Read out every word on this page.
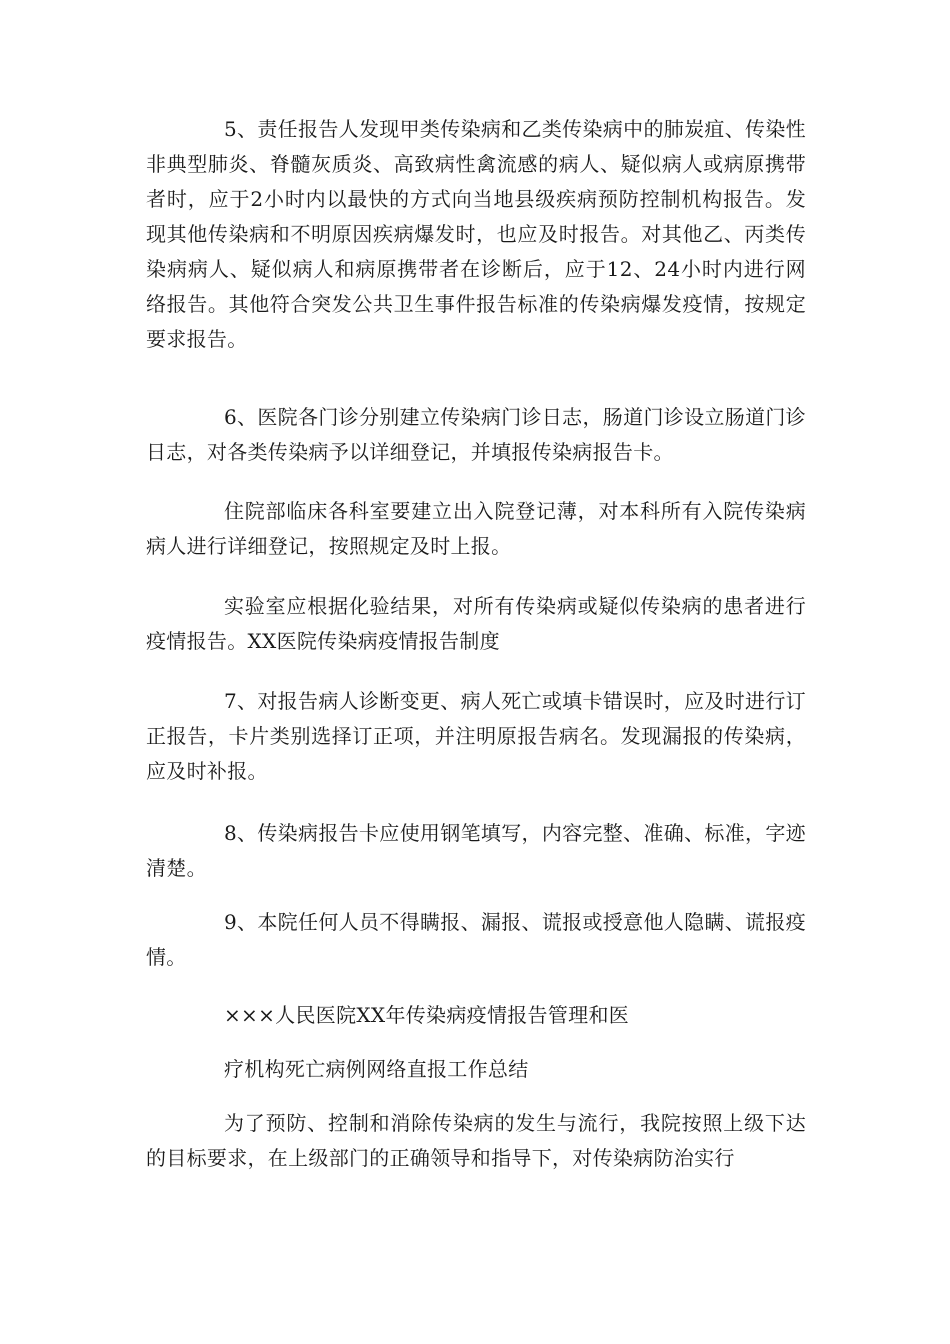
5、责任报告人发现甲类传染病和乙类传染病中的肺炭疽、传染性非典型肺炎、脊髓灰质炎、高致病性禽流感的病人、疑似病人或病原携带者时，应于2小时内以最快的方式向当地县级疾病预防控制机构报告。发现其他传染病和不明原因疾病爆发时，也应及时报告。对其他乙、丙类传染病病人、疑似病人和病原携带者在诊断后，应于12、24小时内进行网络报告。其他符合突发公共卫生事件报告标准的传染病爆发疫情，按规定要求报告。

6、医院各门诊分别建立传染病门诊日志，肠道门诊设立肠道门诊日志，对各类传染病予以详细登记，并填报传染病报告卡。

住院部临床各科室要建立出入院登记薄，对本科所有入院传染病病人进行详细登记，按照规定及时上报。

实验室应根据化验结果，对所有传染病或疑似传染病的患者进行疫情报告。XX医院传染病疫情报告制度

7、对报告病人诊断变更、病人死亡或填卡错误时，应及时进行订正报告，卡片类别选择订正项，并注明原报告病名。发现漏报的传染病，应及时补报。

8、传染病报告卡应使用钢笔填写，内容完整、准确、标准，字迹清楚。

9、本院任何人员不得瞒报、漏报、谎报或授意他人隐瞒、谎报疫情。

×××人民医院XX年传染病疫情报告管理和医

疗机构死亡病例网络直报工作总结

为了预防、控制和消除传染病的发生与流行，我院按照上级下达的目标要求，在上级部门的正确领导和指导下，对传染病防治实行
